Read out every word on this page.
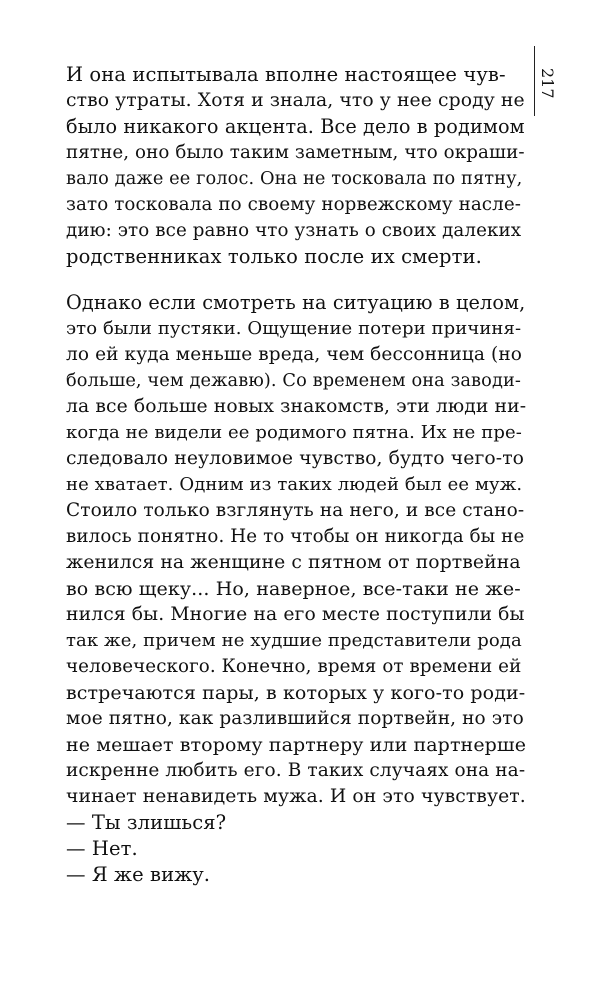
217
И она испытывала вполне настоящее чув-
ство утраты. Хотя и знала, что у нее сроду не
было никакого акцента. Все дело в родимом
пятне, оно было таким заметным, что окраши-
вало даже ее голос. Она не тосковала по пятну,
зато тосковала по своему норвежскому насле-
дию: это все равно что узнать о своих далеких
родственниках только после их смерти.
Однако если смотреть на ситуацию в целом,
это были пустяки. Ощущение потери причиня-
ло ей куда меньше вреда, чем бессонница (но
больше, чем дежавю). Со временем она заводи-
ла все больше новых знакомств, эти люди ни-
когда не видели ее родимого пятна. Их не пре-
следовало неуловимое чувство, будто чего-то
не хватает. Одним из таких людей был ее муж.
Стоило только взглянуть на него, и все стано-
вилось понятно. Не то чтобы он никогда бы не
женился на женщине с пятном от портвейна
во всю щеку... Но, наверное, все-таки не же-
нился бы. Многие на его месте поступили бы
так же, причем не худшие представители рода
человеческого. Конечно, время от времени ей
встречаются пары, в которых у кого-то роди-
мое пятно, как разлившийся портвейн, но это
не мешает второму партнеру или партнерше
искренне любить его. В таких случаях она на-
чинает ненавидеть мужа. И он это чувствует.
— Ты злишься?
— Нет.
— Я же вижу.
